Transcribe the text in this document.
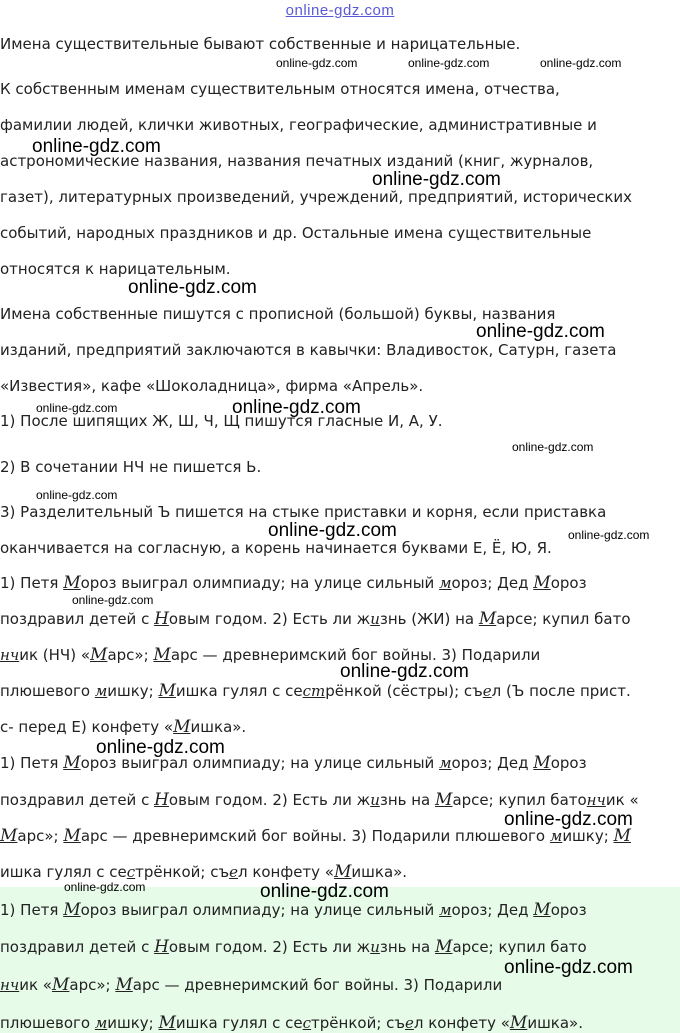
online-gdz.com
Имена существительные бывают собственные и нарицательные.
К собственным именам существительным относятся имена, отчества,
фамилии людей, клички животных, географические, административные и
астрономические названия, названия печатных изданий (книг, журналов,
газет), литературных произведений, учреждений, предприятий, исторических
событий, народных праздников и др. Остальные имена существительные
относятся к нарицательным.
Имена собственные пишутся с прописной (большой) буквы, названия
изданий, предприятий заключаются в кавычки: Владивосток, Сатурн, газета
«Известия», кафе «Шоколадница», фирма «Апрель».
1) После шипящих Ж, Ш, Ч, Щ пишутся гласные И, А, У.
2) В сочетании НЧ не пишется Ь.
3) Разделительный Ъ пишется на стыке приставки и корня, если приставка
оканчивается на согласную, а корень начинается буквами Е, Ё, Ю, Я.
1) Петя Мороз выиграл олимпиаду; на улице сильный мороз; Дед Мороз
поздравил детей с Новым годом. 2) Есть ли жизнь (ЖИ) на Марсе; купил бато
нчик (НЧ) «Марс»; Марс — древнеримский бог войны. 3) Подарили
плюшевого мишку; Мишка гулял с сестрёнкой (сёстры); съел (Ъ после прист.
с- перед Е) конфету «Мишка».
1) Петя Мороз выиграл олимпиаду; на улице сильный мороз; Дед Мороз
поздравил детей с Новым годом. 2) Есть ли жизнь на Марсе; купил батончик «
Марс»; Марс — древнеримский бог войны. 3) Подарили плюшевого мишку; М
ишка гулял с сестрёнкой; съел конфету «Мишка».
1) Петя Мороз выиграл олимпиаду; на улице сильный мороз; Дед Мороз
поздравил детей с Новым годом. 2) Есть ли жизнь на Марсе; купил бато
нчик «Марс»; Марс — древнеримский бог войны. 3) Подарили
плюшевого мишку; Мишка гулял с сестрёнкой; съел конфету «Мишка».
online-gdz.com	online-gdz.com	online-gdz.com
online-gdz.com
online-gdz.com
online-gdz.com
online-gdz.com
online-gdz.com	online-gdz.com
online-gdz.com
online-gdz.com
online-gdz.com	online-gdz.com
online-gdz.com
online-gdz.com
online-gdz.com
online-gdz.com
online-gdz.com	online-gdz.com
online-gdz.com
